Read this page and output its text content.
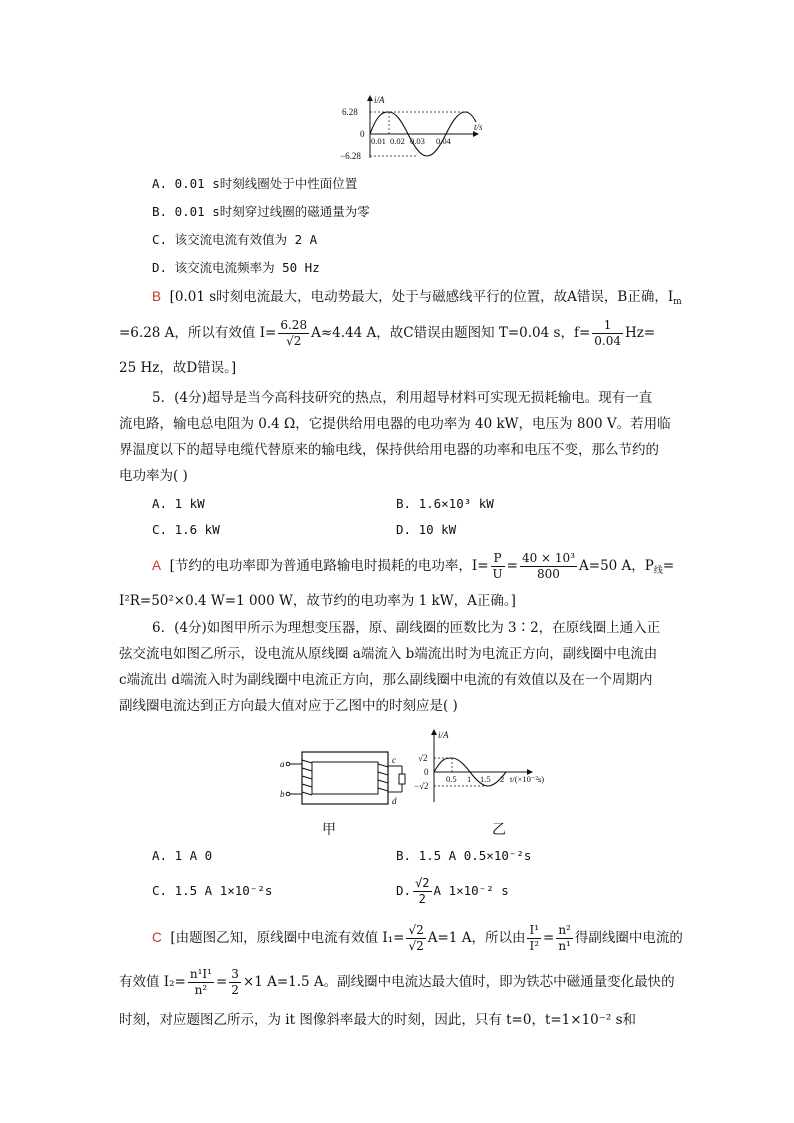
i/A
t/s
6.28
0
−6.28
0.01 0.02 0.03 0.04
A. 0.01 s时刻线圈处于中性面位置
B. 0.01 s时刻穿过线圈的磁通量为零
C. 该交流电流有效值为 2 A
D. 该交流电流频率为 50 Hz
B [0.01 s时刻电流最大，电动势最大，处于与磁感线平行的位置，故A错误，B正确，$I_m$
=6.28 A，所以有效值 $I= \frac{6.28}{√2} A\approx 4.44$ A，故C错误由题图知 T=0.04 s，$f= \frac{1}{0.04} Hz=$
25 Hz，故D错误。]
5．(4分)超导是当今高科技研究的热点，利用超导材料可实现无损耗输电。现有一直
流电路，输电总电阻为 0.4 Ω，它提供给用电器的电功率为 40 kW，电压为 800 V。若用临
界温度以下的超导电缆代替原来的输电线，保持供给用电器的功率和电压不变，那么节约的
电功率为( )
A. 1 kW	B. 1.6×10³ kW
C. 1.6 kW	D. 10 kW
A [节约的电功率即为普通电路输电时损耗的电功率，$I= \frac{P}{U} = \frac{\text{40 × 10³}}{800} A=50$ A，$P_线=$
I²R=50²×0.4 W=1 000 W，故节约的电功率为 1 kW，A正确。]
6．(4分)如图甲所示为理想变压器，原、副线圈的匝数比为 3∶2，在原线圈上通入正
弦交流电如图乙所示，设电流从原线圈 a端流入 b端流出时为电流正方向，副线圈中电流由
c端流出 d端流入时为副线圈中电流正方向，那么副线圈中电流的有效值以及在一个周期内
副线圈电流达到正方向最大值对应于乙图中的时刻应是( )
a
b
c
d
i/A
t/(×10⁻²s)
√2
0
−√2
0.5 1 1.5 2
甲	乙
A. 1 A 0	B. 1.5 A 0.5×10⁻²s
C. 1.5 A 1×10⁻²s	D. $\frac{√2}{2}$ A 1×10⁻² s
C [由题图乙知，原线圈中电流有效值 $I_1= \frac{√2}{√2} A=1$ A，所以由 $\frac{\text{I¹}}{\text{I²}} = \frac{\text{n²}}{\text{n¹}}$ 得副线圈中电流的
有效值 $I_2= \frac{\text{n¹I¹}}{\text{n²}} = \frac{3}{2} \times 1$ A=1.5 A。副线圈中电流达最大值时，即为铁芯中磁通量变化最快的
时刻，对应题图乙所示，为 it 图像斜率最大的时刻，因此，只有 t=0，t=1×10⁻² s和
